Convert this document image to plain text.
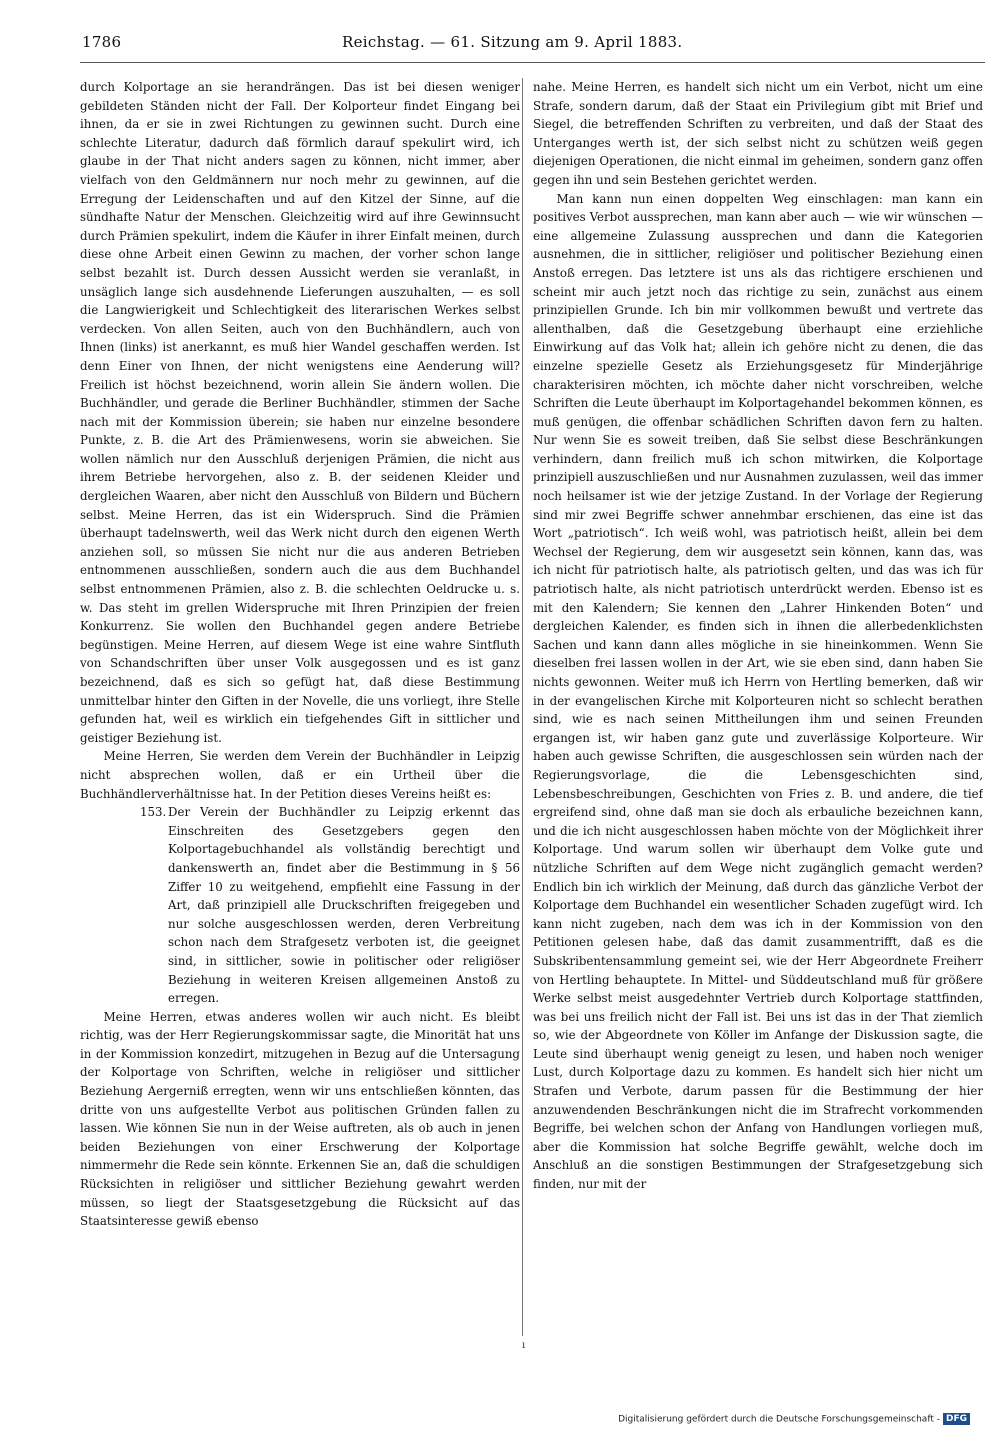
1786	Reichstag. — 61. Sitzung am 9. April 1883.

durch Kolportage an sie herandrängen. Das ist bei diesen weniger gebildeten Ständen nicht der Fall. Der Kolporteur findet Eingang bei ihnen, da er sie in zwei Richtungen zu gewinnen sucht. Durch eine schlechte Literatur, dadurch daß förmlich darauf spekulirt wird, ich glaube in der That nicht anders sagen zu können, nicht immer, aber vielfach von den Geldmännern nur noch mehr zu gewinnen, auf die Erregung der Leidenschaften und auf den Kitzel der Sinne, auf die sündhafte Natur der Menschen. Gleichzeitig wird auf ihre Gewinnsucht durch Prämien spekulirt, indem die Käufer in ihrer Einfalt meinen, durch diese ohne Arbeit einen Gewinn zu machen, der vorher schon lange selbst bezahlt ist. Durch dessen Aussicht werden sie veranlaßt, in unsäglich lange sich ausdehnende Lieferungen auszuhalten, — es soll die Langwierigkeit und Schlechtigkeit des literarischen Werkes selbst verdecken. Von allen Seiten, auch von den Buchhändlern, auch von Ihnen (links) ist anerkannt, es muß hier Wandel geschaffen werden. Ist denn Einer von Ihnen, der nicht wenigstens eine Aenderung will? Freilich ist höchst bezeichnend, worin allein Sie ändern wollen. Die Buchhändler, und gerade die Berliner Buchhändler, stimmen der Sache nach mit der Kommission überein; sie haben nur einzelne besondere Punkte, z. B. die Art des Prämienwesens, worin sie abweichen. Sie wollen nämlich nur den Ausschluß derjenigen Prämien, die nicht aus ihrem Betriebe hervorgehen, also z. B. der seidenen Kleider und dergleichen Waaren, aber nicht den Ausschluß von Bildern und Büchern selbst. Meine Herren, das ist ein Widerspruch. Sind die Prämien überhaupt tadelnswerth, weil das Werk nicht durch den eigenen Werth anziehen soll, so müssen Sie nicht nur die aus anderen Betrieben entnommenen ausschließen, sondern auch die aus dem Buchhandel selbst entnommenen Prämien, also z. B. die schlechten Oeldrucke u. s. w. Das steht im grellen Widerspruche mit Ihren Prinzipien der freien Konkurrenz. Sie wollen den Buchhandel gegen andere Betriebe begünstigen. Meine Herren, auf diesem Wege ist eine wahre Sintfluth von Schandschriften über unser Volk ausgegossen und es ist ganz bezeichnend, daß es sich so gefügt hat, daß diese Bestimmung unmittelbar hinter den Giften in der Novelle, die uns vorliegt, ihre Stelle gefunden hat, weil es wirklich ein tiefgehendes Gift in sittlicher und geistiger Beziehung ist.

Meine Herren, Sie werden dem Verein der Buchhändler in Leipzig nicht absprechen wollen, daß er ein Urtheil über die Buchhändlerverhältnisse hat. In der Petition dieses Vereins heißt es:

153. Der Verein der Buchhändler zu Leipzig erkennt das Einschreiten des Gesetzgebers gegen den Kolportagebuchhandel als vollständig berechtigt und dankenswerth an, findet aber die Bestimmung in § 56 Ziffer 10 zu weitgehend, empfiehlt eine Fassung in der Art, daß prinzipiell alle Druckschriften freigegeben und nur solche ausgeschlossen werden, deren Verbreitung schon nach dem Strafgesetz verboten ist, die geeignet sind, in sittlicher, sowie in politischer oder religiöser Beziehung in weiteren Kreisen allgemeinen Anstoß zu erregen.

Meine Herren, etwas anderes wollen wir auch nicht. Es bleibt richtig, was der Herr Regierungskommissar sagte, die Minorität hat uns in der Kommission konzedirt, mitzugehen in Bezug auf die Untersagung der Kolportage von Schriften, welche in religiöser und sittlicher Beziehung Aergerniß erregten, wenn wir uns entschließen könnten, das dritte von uns aufgestellte Verbot aus politischen Gründen fallen zu lassen. Wie können Sie nun in der Weise auftreten, als ob auch in jenen beiden Beziehungen von einer Erschwerung der Kolportage nimmermehr die Rede sein könnte. Erkennen Sie an, daß die schuldigen Rücksichten in religiöser und sittlicher Beziehung gewahrt werden müssen, so liegt der Staatsgesetzgebung die Rücksicht auf das Staatsinteresse gewiß ebenso

nahe. Meine Herren, es handelt sich nicht um ein Verbot, nicht um eine Strafe, sondern darum, daß der Staat ein Privilegium gibt mit Brief und Siegel, die betreffenden Schriften zu verbreiten, und daß der Staat des Unterganges werth ist, der sich selbst nicht zu schützen weiß gegen diejenigen Operationen, die nicht einmal im geheimen, sondern ganz offen gegen ihn und sein Bestehen gerichtet werden.

Man kann nun einen doppelten Weg einschlagen: man kann ein positives Verbot aussprechen, man kann aber auch — wie wir wünschen — eine allgemeine Zulassung aussprechen und dann die Kategorien ausnehmen, die in sittlicher, religiöser und politischer Beziehung einen Anstoß erregen. Das letztere ist uns als das richtigere erschienen und scheint mir auch jetzt noch das richtige zu sein, zunächst aus einem prinzipiellen Grunde. Ich bin mir vollkommen bewußt und vertrete das allenthalben, daß die Gesetzgebung überhaupt eine erziehliche Einwirkung auf das Volk hat; allein ich gehöre nicht zu denen, die das einzelne spezielle Gesetz als Erziehungsgesetz für Minderjährige charakterisiren möchten, ich möchte daher nicht vorschreiben, welche Schriften die Leute überhaupt im Kolportagehandel bekommen können, es muß genügen, die offenbar schädlichen Schriften davon fern zu halten. Nur wenn Sie es soweit treiben, daß Sie selbst diese Beschränkungen verhindern, dann freilich muß ich schon mitwirken, die Kolportage prinzipiell auszuschließen und nur Ausnahmen zuzulassen, weil das immer noch heilsamer ist wie der jetzige Zustand. In der Vorlage der Regierung sind mir zwei Begriffe schwer annehmbar erschienen, das eine ist das Wort „patriotisch“. Ich weiß wohl, was patriotisch heißt, allein bei dem Wechsel der Regierung, dem wir ausgesetzt sein können, kann das, was ich nicht für patriotisch halte, als patriotisch gelten, und das was ich für patriotisch halte, als nicht patriotisch unterdrückt werden. Ebenso ist es mit den Kalendern; Sie kennen den „Lahrer Hinkenden Boten“ und dergleichen Kalender, es finden sich in ihnen die allerbedenklichsten Sachen und kann dann alles mögliche in sie hineinkommen. Wenn Sie dieselben frei lassen wollen in der Art, wie sie eben sind, dann haben Sie nichts gewonnen. Weiter muß ich Herrn von Hertling bemerken, daß wir in der evangelischen Kirche mit Kolporteuren nicht so schlecht berathen sind, wie es nach seinen Mittheilungen ihm und seinen Freunden ergangen ist, wir haben ganz gute und zuverlässige Kolporteure. Wir haben auch gewisse Schriften, die ausgeschlossen sein würden nach der Regierungsvorlage, die die Lebensgeschichten sind, Lebensbeschreibungen, Geschichten von Fries z. B. und andere, die tief ergreifend sind, ohne daß man sie doch als erbauliche bezeichnen kann, und die ich nicht ausgeschlossen haben möchte von der Möglichkeit ihrer Kolportage. Und warum sollen wir überhaupt dem Volke gute und nützliche Schriften auf dem Wege nicht zugänglich gemacht werden? Endlich bin ich wirklich der Meinung, daß durch das gänzliche Verbot der Kolportage dem Buchhandel ein wesentlicher Schaden zugefügt wird. Ich kann nicht zugeben, nach dem was ich in der Kommission von den Petitionen gelesen habe, daß das damit zusammentrifft, daß es die Subskribentensammlung gemeint sei, wie der Herr Abgeordnete Freiherr von Hertling behauptete. In Mittel- und Süddeutschland muß für größere Werke selbst meist ausgedehnter Vertrieb durch Kolportage stattfinden, was bei uns freilich nicht der Fall ist. Bei uns ist das in der That ziemlich so, wie der Abgeordnete von Köller im Anfange der Diskussion sagte, die Leute sind überhaupt wenig geneigt zu lesen, und haben noch weniger Lust, durch Kolportage dazu zu kommen. Es handelt sich hier nicht um Strafen und Verbote, darum passen für die Bestimmung der hier anzuwendenden Beschränkungen nicht die im Strafrecht vorkommenden Begriffe, bei welchen schon der Anfang von Handlungen vorliegen muß, aber die Kommission hat solche Begriffe gewählt, welche doch im Anschluß an die sonstigen Bestimmungen der Strafgesetzgebung sich finden, nur mit der

ı
Digitalisierung gefördert durch die Deutsche Forschungsgemeinschaft - DFG
